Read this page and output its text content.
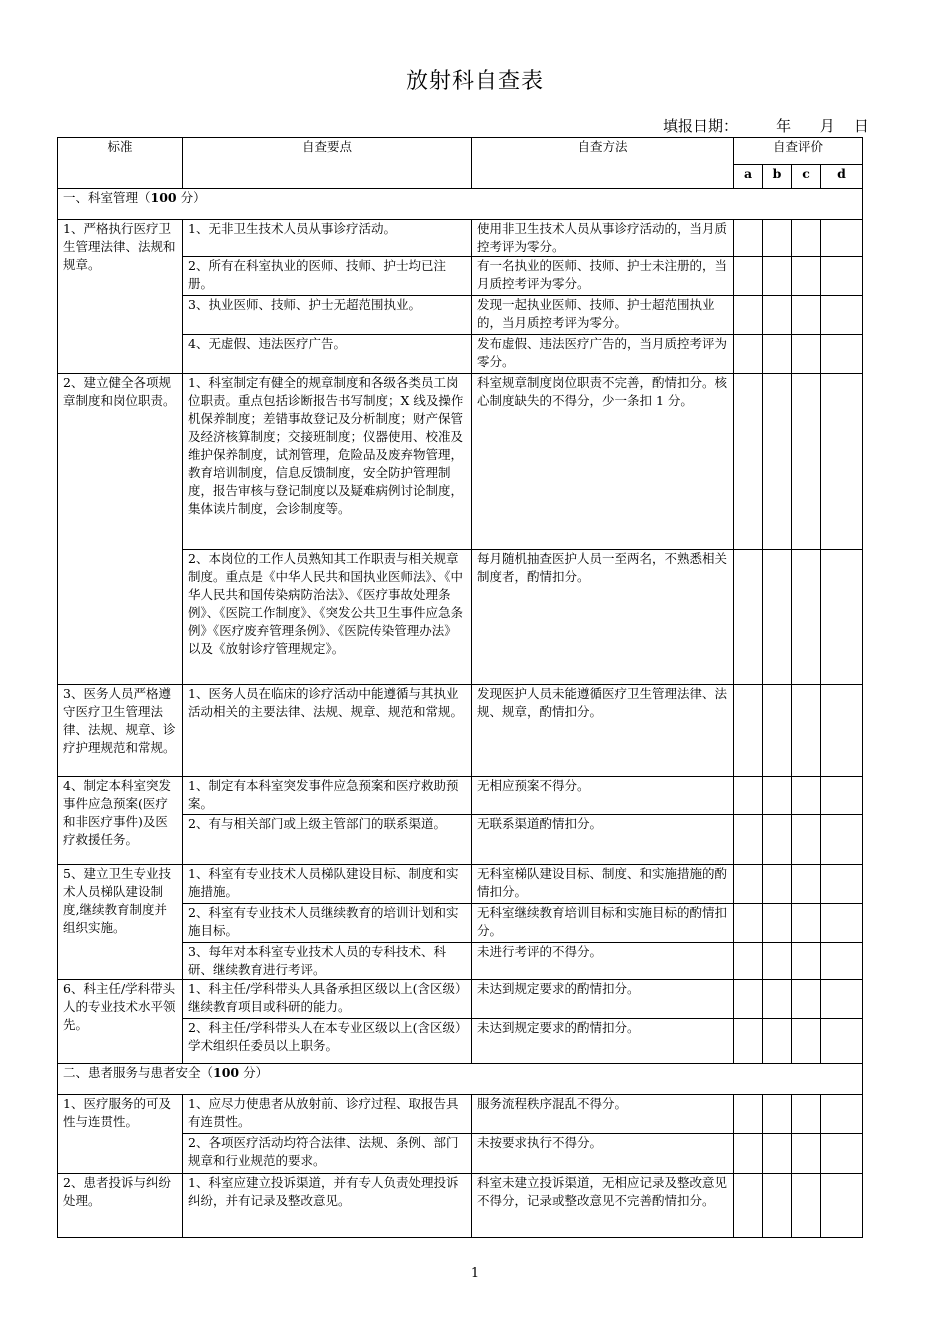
放射科自查表
填报日期：        年      月    日
标准	自查要点	自查方法	自查评价			
			a	b	c	d
一、科室管理（100 分）						
1、严格执行医疗卫生管理法律、法规和规章。	1、无非卫生技术人员从事诊疗活动。	使用非卫生技术人员从事诊疗活动的，当月质控考评为零分。				
	2、所有在科室执业的医师、技师、护士均已注册。	有一名执业的医师、技师、护士未注册的，当月质控考评为零分。				
	3、执业医师、技师、护士无超范围执业。	发现一起执业医师、技师、护士超范围执业的，当月质控考评为零分。				
	4、无虚假、违法医疗广告。	发布虚假、违法医疗广告的，当月质控考评为零分。				
2、建立健全各项规章制度和岗位职责。	1、科室制定有健全的规章制度和各级各类员工岗位职责。重点包括诊断报告书写制度；X 线及操作机保养制度；差错事故登记及分析制度；财产保管及经济核算制度；交接班制度；仪器使用、校准及维护保养制度，试剂管理，危险品及废弃物管理，教育培训制度，信息反馈制度，安全防护管理制度，报告审核与登记制度以及疑难病例讨论制度，集体读片制度，会诊制度等。	科室规章制度岗位职责不完善，酌情扣分。核心制度缺失的不得分，少一条扣 1 分。				
	2、本岗位的工作人员熟知其工作职责与相关规章制度。重点是《中华人民共和国执业医师法》、《中华人民共和国传染病防治法》、《医疗事故处理条例》、《医院工作制度》、《突发公共卫生事件应急条例》《医疗废弃管理条例》、《医院传染管理办法》以及《放射诊疗管理规定》。	每月随机抽查医护人员一至两名，不熟悉相关制度者，酌情扣分。				
3、医务人员严格遵守医疗卫生管理法律、法规、规章、诊疗护理规范和常规。	1、医务人员在临床的诊疗活动中能遵循与其执业活动相关的主要法律、法规、规章、规范和常规。	发现医护人员未能遵循医疗卫生管理法律、法规、规章，酌情扣分。				
4、制定本科室突发事件应急预案(医疗和非医疗事件)及医疗救援任务。	1、制定有本科室突发事件应急预案和医疗救助预案。	无相应预案不得分。				
	2、有与相关部门或上级主管部门的联系渠道。	无联系渠道酌情扣分。				
5、建立卫生专业技术人员梯队建设制度,继续教育制度并组织实施。	1、科室有专业技术人员梯队建设目标、制度和实施措施。	无科室梯队建设目标、制度、和实施措施的酌情扣分。				
	2、科室有专业技术人员继续教育的培训计划和实施目标。	无科室继续教育培训目标和实施目标的酌情扣分。				
	3、每年对本科室专业技术人员的专科技术、科研、继续教育进行考评。	未进行考评的不得分。				
6、科主任/学科带头人的专业技术水平领先。	1、科主任/学科带头人具备承担区级以上(含区级）继续教育项目或科研的能力。	未达到规定要求的酌情扣分。				
	2、科主任/学科带头人在本专业区级以上(含区级）学术组织任委员以上职务。	未达到规定要求的酌情扣分。				
二、患者服务与患者安全（100 分）						
1、医疗服务的可及性与连贯性。	1、应尽力使患者从放射前、诊疗过程、取报告具有连贯性。	服务流程秩序混乱不得分。				
	2、各项医疗活动均符合法律、法规、条例、部门规章和行业规范的要求。	未按要求执行不得分。				
2、患者投诉与纠纷处理。	1、科室应建立投诉渠道，并有专人负责处理投诉纠纷，并有记录及整改意见。	科室未建立投诉渠道，无相应记录及整改意见不得分，记录或整改意见不完善酌情扣分。				
1
